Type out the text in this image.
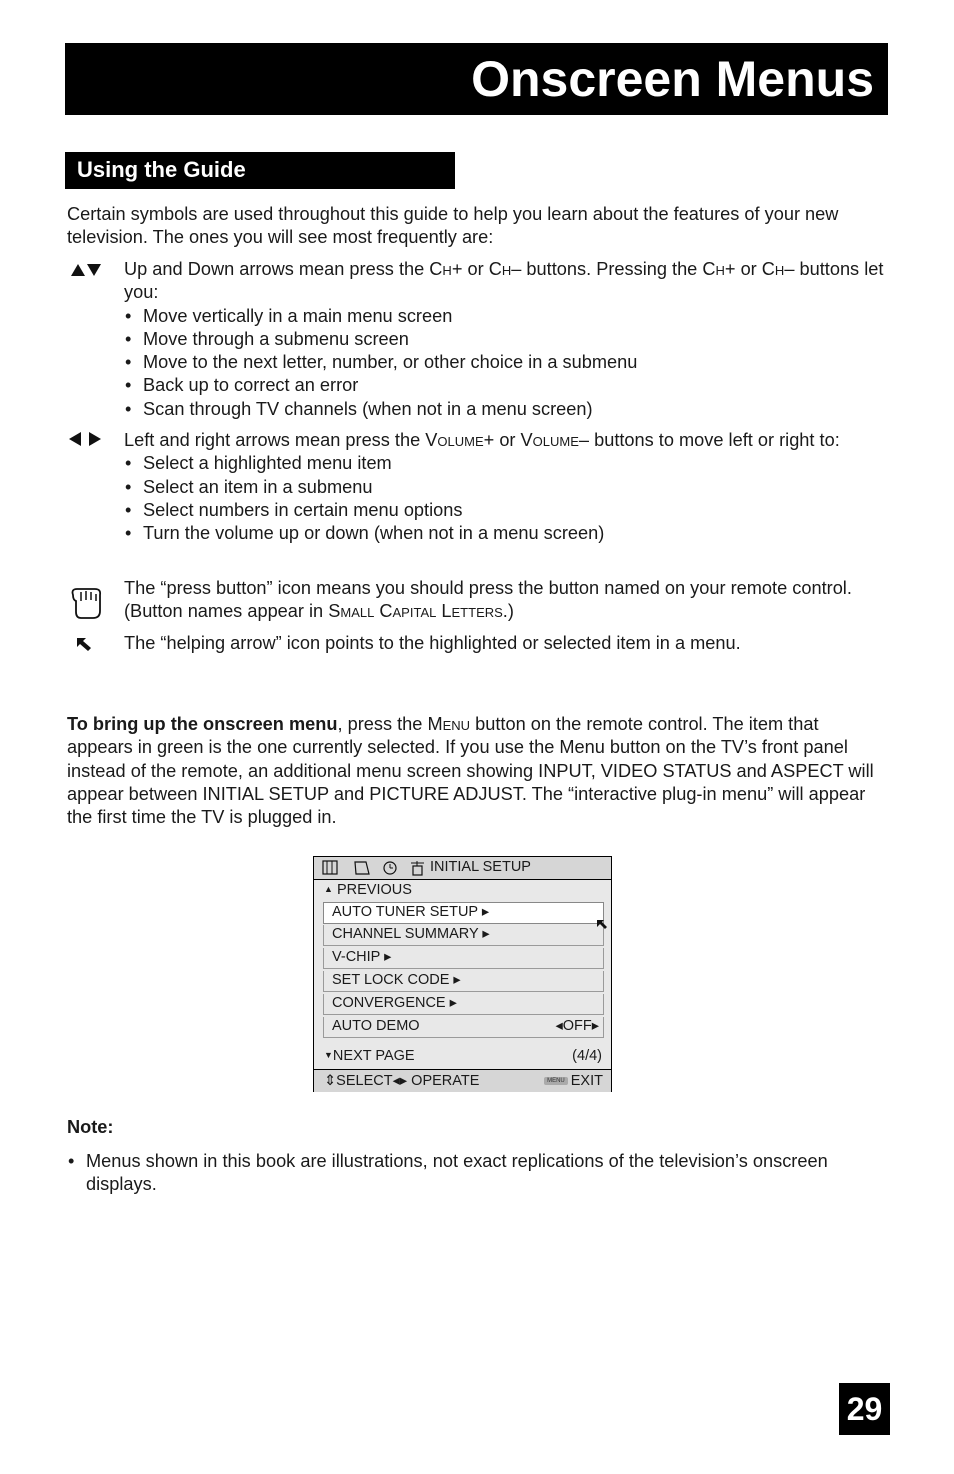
Onscreen Menus
Using the Guide
Certain symbols are used throughout this guide to help you learn about the features of your new television. The ones you will see most frequently are:
Up and Down arrows mean press the Ch+ or Ch– buttons. Pressing the Ch+ or Ch– buttons let you:
• Move vertically in a main menu screen
• Move through a submenu screen
• Move to the next letter, number, or other choice in a submenu
• Back up to correct an error
• Scan through TV channels (when not in a menu screen)
Left and right arrows mean press the Volume+ or Volume– buttons to move left or right to:
• Select a highlighted menu item
• Select an item in a submenu
• Select numbers in certain menu options
• Turn the volume up or down (when not in a menu screen)
The “press button” icon means you should press the button named on your remote control. (Button names appear in Small Capital Letters.)
The “helping arrow” icon points to the highlighted or selected item in a menu.
To bring up the onscreen menu, press the Menu button on the remote control. The item that appears in green is the one currently selected. If you use the Menu button on the TV’s front panel instead of the remote, an additional menu screen showing INPUT, VIDEO STATUS and ASPECT will appear between INITIAL SETUP and PICTURE ADJUST. The “interactive plug-in menu” will appear the first time the TV is plugged in.
INITIAL SETUP
▲ PREVIOUS
AUTO TUNER SETUP ▸
CHANNEL SUMMARY ▸
V-CHIP ▸
SET LOCK CODE ▸
CONVERGENCE ▸
AUTO DEMO	◂OFF▸
▼NEXT PAGE	(4/4)
⇕SELECT◂▸ OPERATE	MENU EXIT
Note:
• Menus shown in this book are illustrations, not exact replications of the television’s onscreen displays.
29
